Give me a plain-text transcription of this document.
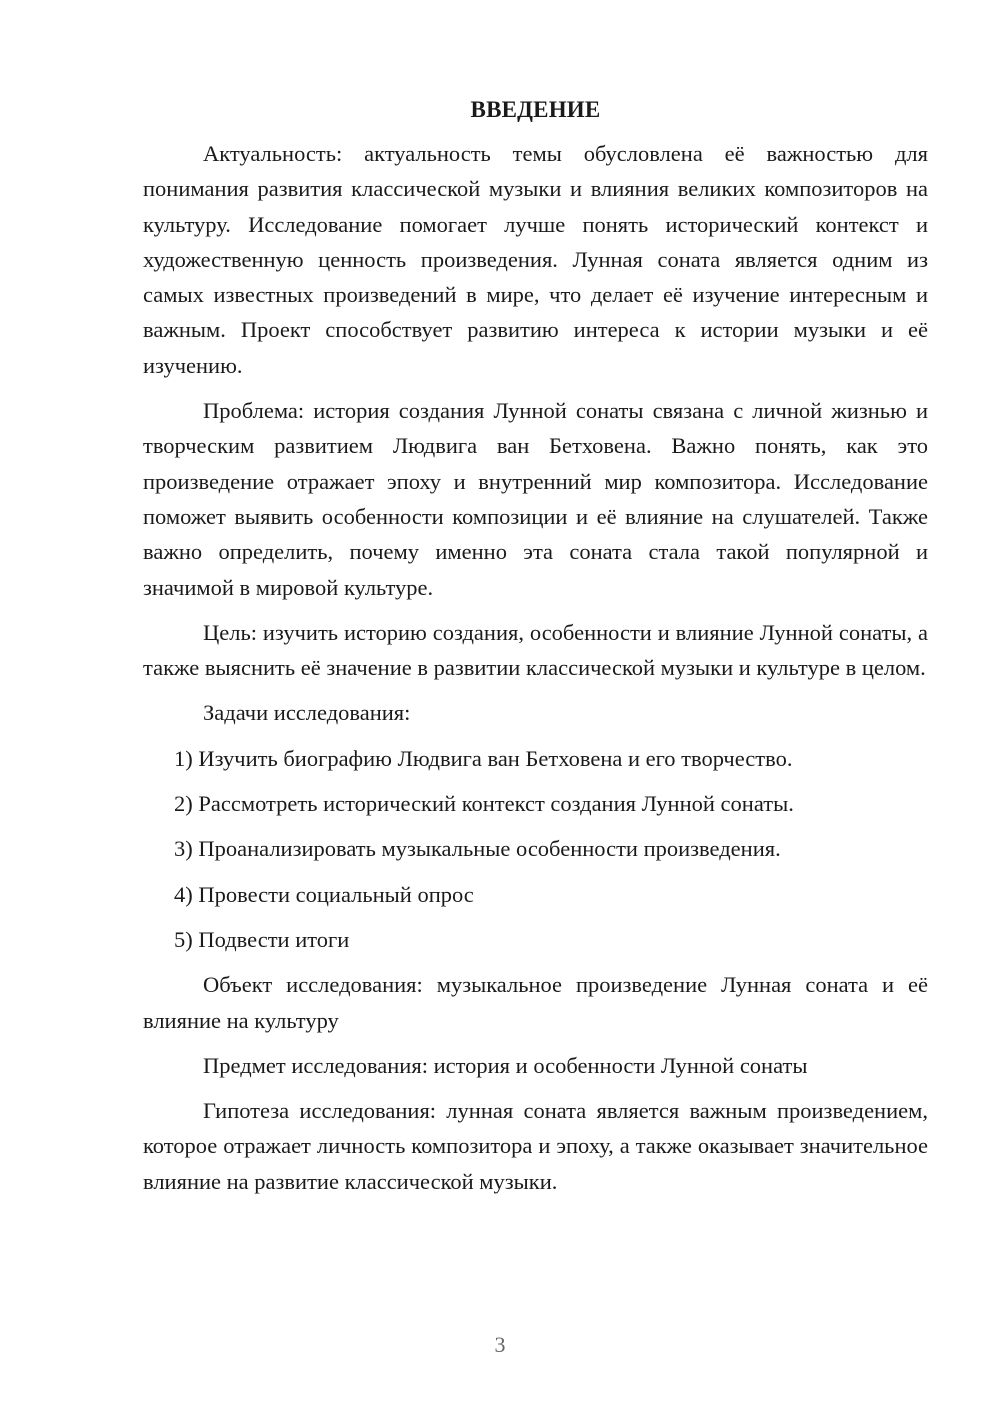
ВВЕДЕНИЕ

Актуальность: актуальность темы обусловлена её важностью для понимания развития классической музыки и влияния великих композиторов на культуру. Исследование помогает лучше понять исторический контекст и художественную ценность произведения. Лунная соната является одним из самых известных произведений в мире, что делает её изучение интересным и важным. Проект способствует развитию интереса к истории музыки и её изучению.

Проблема: история создания Лунной сонаты связана с личной жизнью и творческим развитием Людвига ван Бетховена. Важно понять, как это произведение отражает эпоху и внутренний мир композитора. Исследование поможет выявить особенности композиции и её влияние на слушателей. Также важно определить, почему именно эта соната стала такой популярной и значимой в мировой культуре.

Цель: изучить историю создания, особенности и влияние Лунной сонаты, а также выяснить её значение в развитии классической музыки и культуре в целом.

Задачи исследования:

1) Изучить биографию Людвига ван Бетховена и его творчество.
2) Рассмотреть исторический контекст создания Лунной сонаты.
3) Проанализировать музыкальные особенности произведения.
4) Провести социальный опрос
5) Подвести итоги

Объект исследования: музыкальное произведение Лунная соната и её влияние на культуру

Предмет исследования: история и особенности Лунной сонаты

Гипотеза исследования: лунная соната является важным произведением, которое отражает личность композитора и эпоху, а также оказывает значительное влияние на развитие классической музыки.

3
